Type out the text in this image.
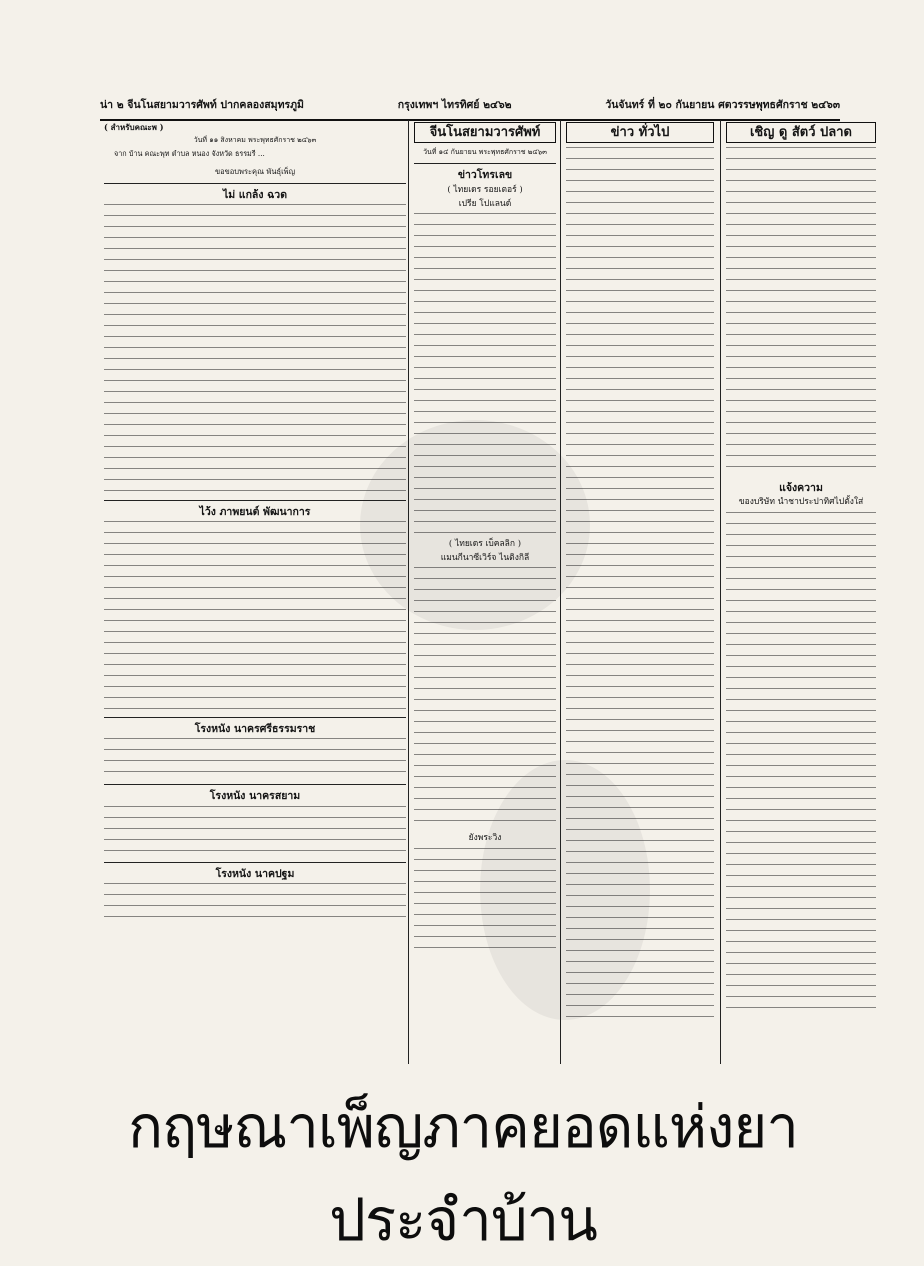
น่า ๒ จีนโนสยามวารศัพท์ ปากคลองสมุทรภูมิ	กรุงเทพฯ ไทรทิศย์ ๒๔๖๒	วันจันทร์ ที่ ๒๐ กันยายน ศตวรรษพุทธศักราช ๒๔๖๓
( สำหรับคณะพ )
วันที่ ๑๑ สิงหาคม พระพุทธศักราช ๒๔๖๓

จาก บ้าน คณะพุท ตำบล หนอง จังหวัด ธรรมรี ...

ขอขอบพระคุณ พันธุ์เพ็ญ
ไม่ แกล้ง ฉวด
ไว้ง ภาพยนต์ พัฒนาการ
โรงหนัง นาครศรีธรรมราช
โรงหนัง นาครสยาม
โรงหนัง นาคปฐม
จีนโนสยามวารศัพท์
วันที่ ๑๔ กันยายน พระพุทธศักราช ๒๔๖๓
ข่าวโทรเลข
( ไทยเดร รอยเตอร์ )
เปรีย โปแลนด์
( ไทยเดร เบ็คลลิก )
แมนกีนาซีเวิร์จ ไนติงกิลี
ยังพระวิง
ข่าว ทั่วไป	เชิญ ดู สัตว์ ปลาด
แจ้งความ
ของบริษัท นำชาประปาทิศไปตั้งใส่
กฤษณาเพ็ญภาคยอดแห่งยาประจำบ้าน
